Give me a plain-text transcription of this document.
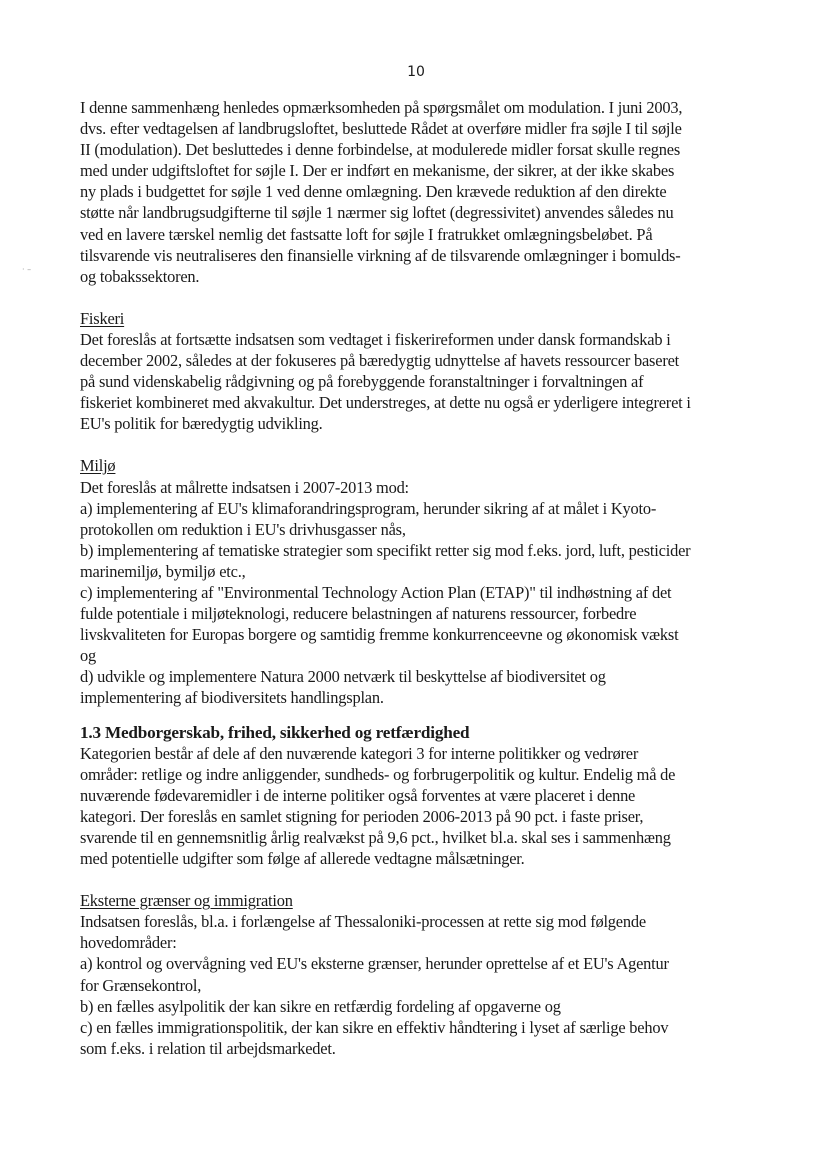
10
· –
I denne sammenhæng henledes opmærksomheden på spørgsmålet om modulation. I juni 2003,
dvs. efter vedtagelsen af landbrugsloftet, besluttede Rådet at overføre midler fra søjle I til søjle
II (modulation). Det besluttedes i denne forbindelse, at modulerede midler forsat skulle regnes
med under udgiftsloftet for søjle I. Der er indført en mekanisme, der sikrer, at der ikke skabes
ny plads i budgettet for søjle 1 ved denne omlægning. Den krævede reduktion af den direkte
støtte når landbrugsudgifterne til søjle 1 nærmer sig loftet (degressivitet) anvendes således nu
ved en lavere tærskel nemlig det fastsatte loft for søjle I fratrukket omlægningsbeløbet. På
tilsvarende vis neutraliseres den finansielle virkning af de tilsvarende omlægninger i bomulds-
og tobakssektoren.
Fiskeri
Det foreslås at fortsætte indsatsen som vedtaget i fiskerireformen under dansk formandskab i
december 2002, således at der fokuseres på bæredygtig udnyttelse af havets ressourcer baseret
på sund videnskabelig rådgivning og på forebyggende foranstaltninger i forvaltningen af
fiskeriet kombineret med akvakultur. Det understreges, at dette nu også er yderligere integreret i
EU's politik for bæredygtig udvikling.
Miljø
Det foreslås at målrette indsatsen i 2007-2013 mod:
a) implementering af EU's klimaforandringsprogram, herunder sikring af at målet i Kyoto-
protokollen om reduktion i EU's drivhusgasser nås,
b) implementering af tematiske strategier som specifikt retter sig mod f.eks. jord, luft, pesticider
marinemiljø, bymiljø etc.,
c) implementering af "Environmental Technology Action Plan (ETAP)" til indhøstning af det
fulde potentiale i miljøteknologi, reducere belastningen af naturens ressourcer, forbedre
livskvaliteten for Europas borgere og samtidig fremme konkurrenceevne og økonomisk vækst
og
d) udvikle og implementere Natura 2000 netværk til beskyttelse af biodiversitet og
implementering af biodiversitets handlingsplan.
1.3 Medborgerskab, frihed, sikkerhed og retfærdighed
Kategorien består af dele af den nuværende kategori 3 for interne politikker og vedrører
områder: retlige og indre anliggender, sundheds- og forbrugerpolitik og kultur. Endelig må de
nuværende fødevaremidler i de interne politiker også forventes at være placeret i denne
kategori. Der foreslås en samlet stigning for perioden 2006-2013 på 90 pct. i faste priser,
svarende til en gennemsnitlig årlig realvækst på 9,6 pct., hvilket bl.a. skal ses i sammenhæng
med potentielle udgifter som følge af allerede vedtagne målsætninger.
Eksterne grænser og immigration
Indsatsen foreslås, bl.a. i forlængelse af Thessaloniki-processen at rette sig mod følgende
hovedområder:
a) kontrol og overvågning ved EU's eksterne grænser, herunder oprettelse af et EU's Agentur
for Grænsekontrol,
b) en fælles asylpolitik der kan sikre en retfærdig fordeling af opgaverne og
c) en fælles immigrationspolitik, der kan sikre en effektiv håndtering i lyset af særlige behov
som f.eks. i relation til arbejdsmarkedet.
